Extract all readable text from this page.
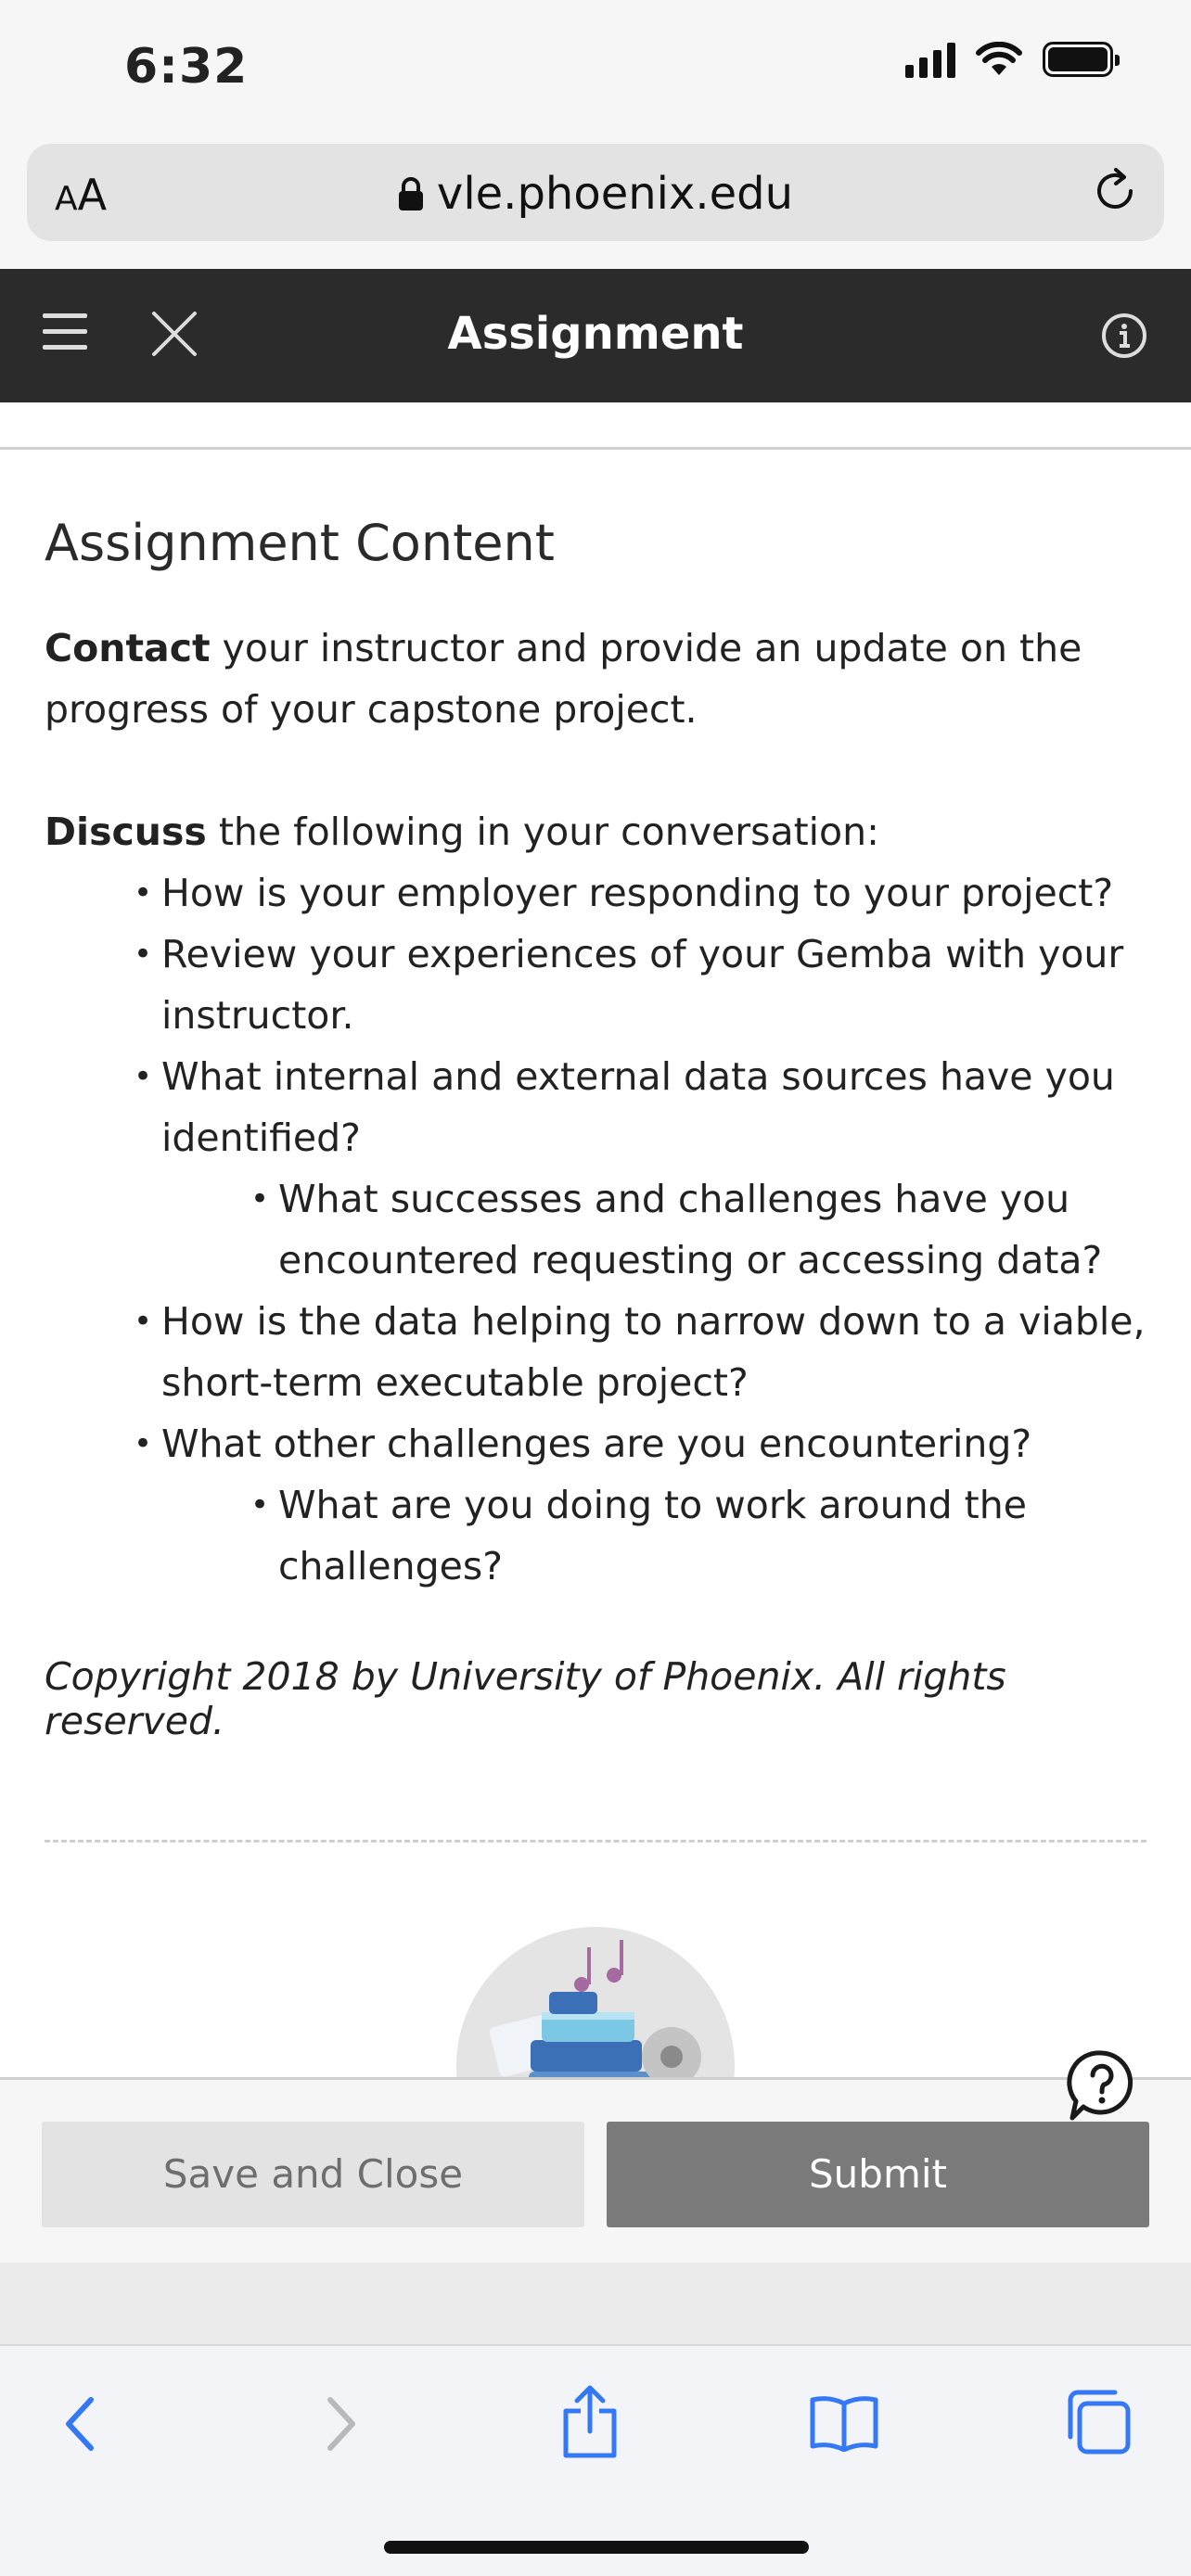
6:32
AA	vle.phoenix.edu
Assignment
Assignment Content

Contact your instructor and provide an update on the progress of your capstone project.

Discuss the following in your conversation:

• How is your employer responding to your project?
• Review your experiences of your Gemba with your instructor.
• What internal and external data sources have you identified?
• What successes and challenges have you encountered requesting or accessing data?
• How is the data helping to narrow down to a viable, short-term executable project?
• What other challenges are you encountering?
• What are you doing to work around the challenges?

Copyright 2018 by University of Phoenix. All rights reserved.

Save and Close	Submit
